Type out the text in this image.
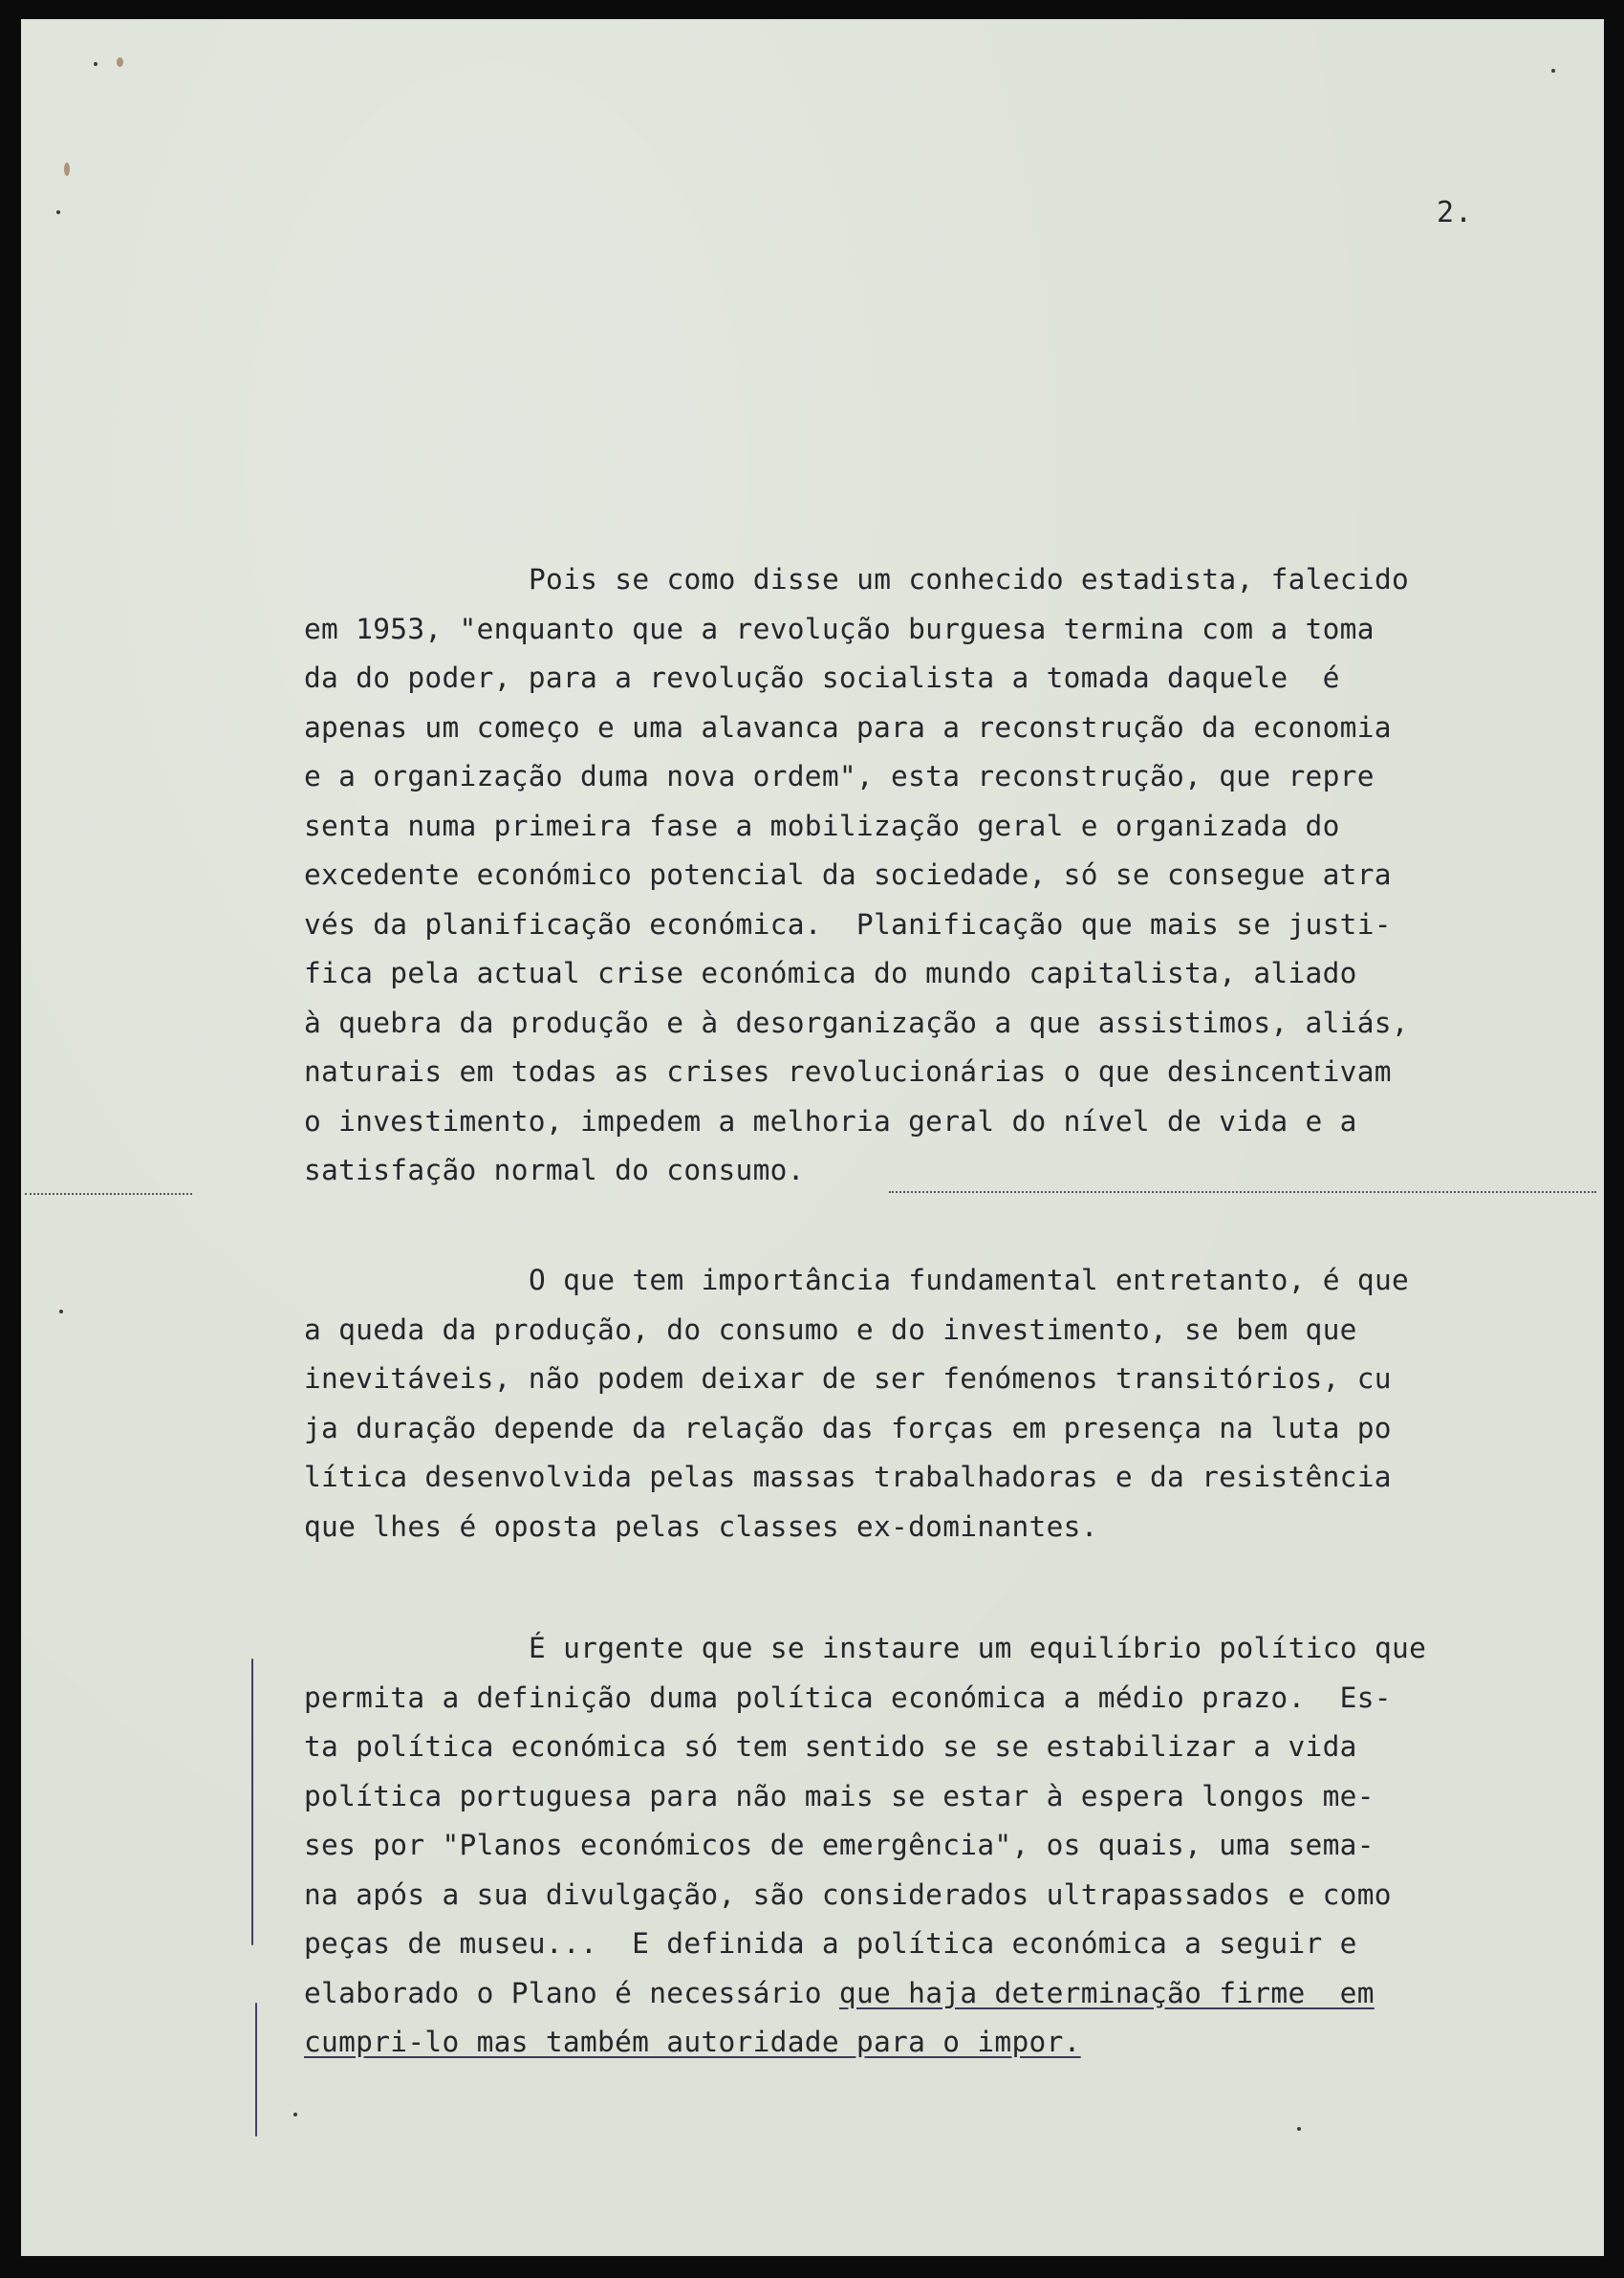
2.
Pois se como disse um conhecido estadista, falecido
em 1953, "enquanto que a revolução burguesa termina com a toma
da do poder, para a revolução socialista a tomada daquele  é
apenas um começo e uma alavanca para a reconstrução da economia
e a organização duma nova ordem", esta reconstrução, que repre
senta numa primeira fase a mobilização geral e organizada do
excedente económico potencial da sociedade, só se consegue atra
vés da planificação económica.  Planificação que mais se justi-
fica pela actual crise económica do mundo capitalista, aliado
à quebra da produção e à desorganização a que assistimos, aliás,
naturais em todas as crises revolucionárias o que desincentivam
o investimento, impedem a melhoria geral do nível de vida e a
satisfação normal do consumo.
O que tem importância fundamental entretanto, é que
a queda da produção, do consumo e do investimento, se bem que
inevitáveis, não podem deixar de ser fenómenos transitórios, cu
ja duração depende da relação das forças em presença na luta po
lítica desenvolvida pelas massas trabalhadoras e da resistência
que lhes é oposta pelas classes ex-dominantes.
É urgente que se instaure um equilíbrio político que
permita a definição duma política económica a médio prazo.  Es-
ta política económica só tem sentido se se estabilizar a vida
política portuguesa para não mais se estar à espera longos me-
ses por "Planos económicos de emergência", os quais, uma sema-
na após a sua divulgação, são considerados ultrapassados e como
peças de museu...  E definida a política económica a seguir e
elaborado o Plano é necessário que haja determinação firme  em
cumpri-lo mas também autoridade para o impor.
